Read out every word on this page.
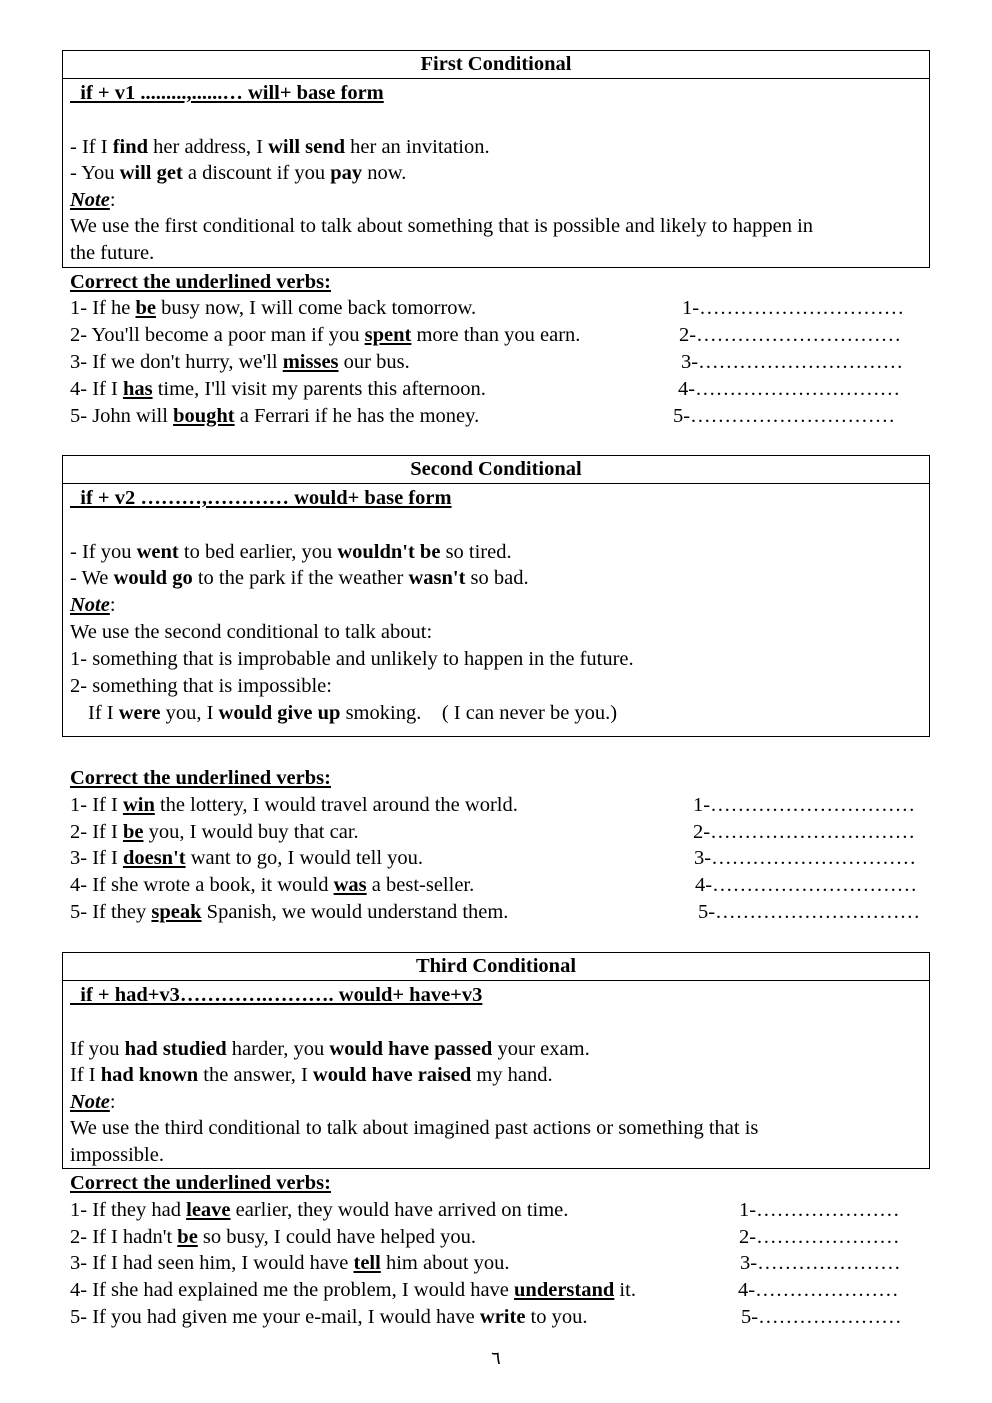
First Conditional
if + v1 .........,......… will+ base form
- If I find her address, I will send her an invitation.
- You will get a discount if you pay now.
Note:
We use the first conditional to talk about something that is possible and likely to happen in
the future.
Correct the underlined verbs:
1- If he be busy now, I will come back tomorrow.	1-…………………………
2- You'll become a poor man if you spent more than you earn.	2-…………………………
3- If we don't hurry, we'll misses our bus.	3-…………………………
4- If I has time, I'll visit my parents this afternoon.	4-…………………………
5- John will bought a Ferrari if he has the money.	5-…………………………
Second Conditional
if + v2 ………,………… would+ base form
- If you went to bed earlier, you wouldn't be so tired.
- We would go to the park if the weather wasn't so bad.
Note:
We use the second conditional to talk about:
1- something that is improbable and unlikely to happen in the future.
2- something that is impossible:
If I were you, I would give up smoking.    ( I can never be you.)
Correct the underlined verbs:
1- If I win the lottery, I would travel around the world.	1-…………………………
2- If I be you, I would buy that car.	2-…………………………
3- If I doesn't want to go, I would tell you.	3-…………………………
4- If she wrote a book, it would was a best-seller.	4-…………………………
5- If they speak Spanish, we would understand them.	5-…………………………
Third Conditional
if + had+v3………….………. would+ have+v3
If you had studied harder, you would have passed your exam.
If I had known the answer, I would have raised my hand.
Note:
We use the third conditional to talk about imagined past actions or something that is
impossible.
Correct the underlined verbs:
1- If they had leave earlier, they would have arrived on time.	1-…………………
2- If I hadn't be so busy, I could have helped you.	2-…………………
3- If I had seen him, I would have tell him about you.	3-…………………
4- If she had explained me the problem, I would have understand it.	4-…………………
5- If you had given me your e-mail, I would have write to you.	5-…………………
٦
